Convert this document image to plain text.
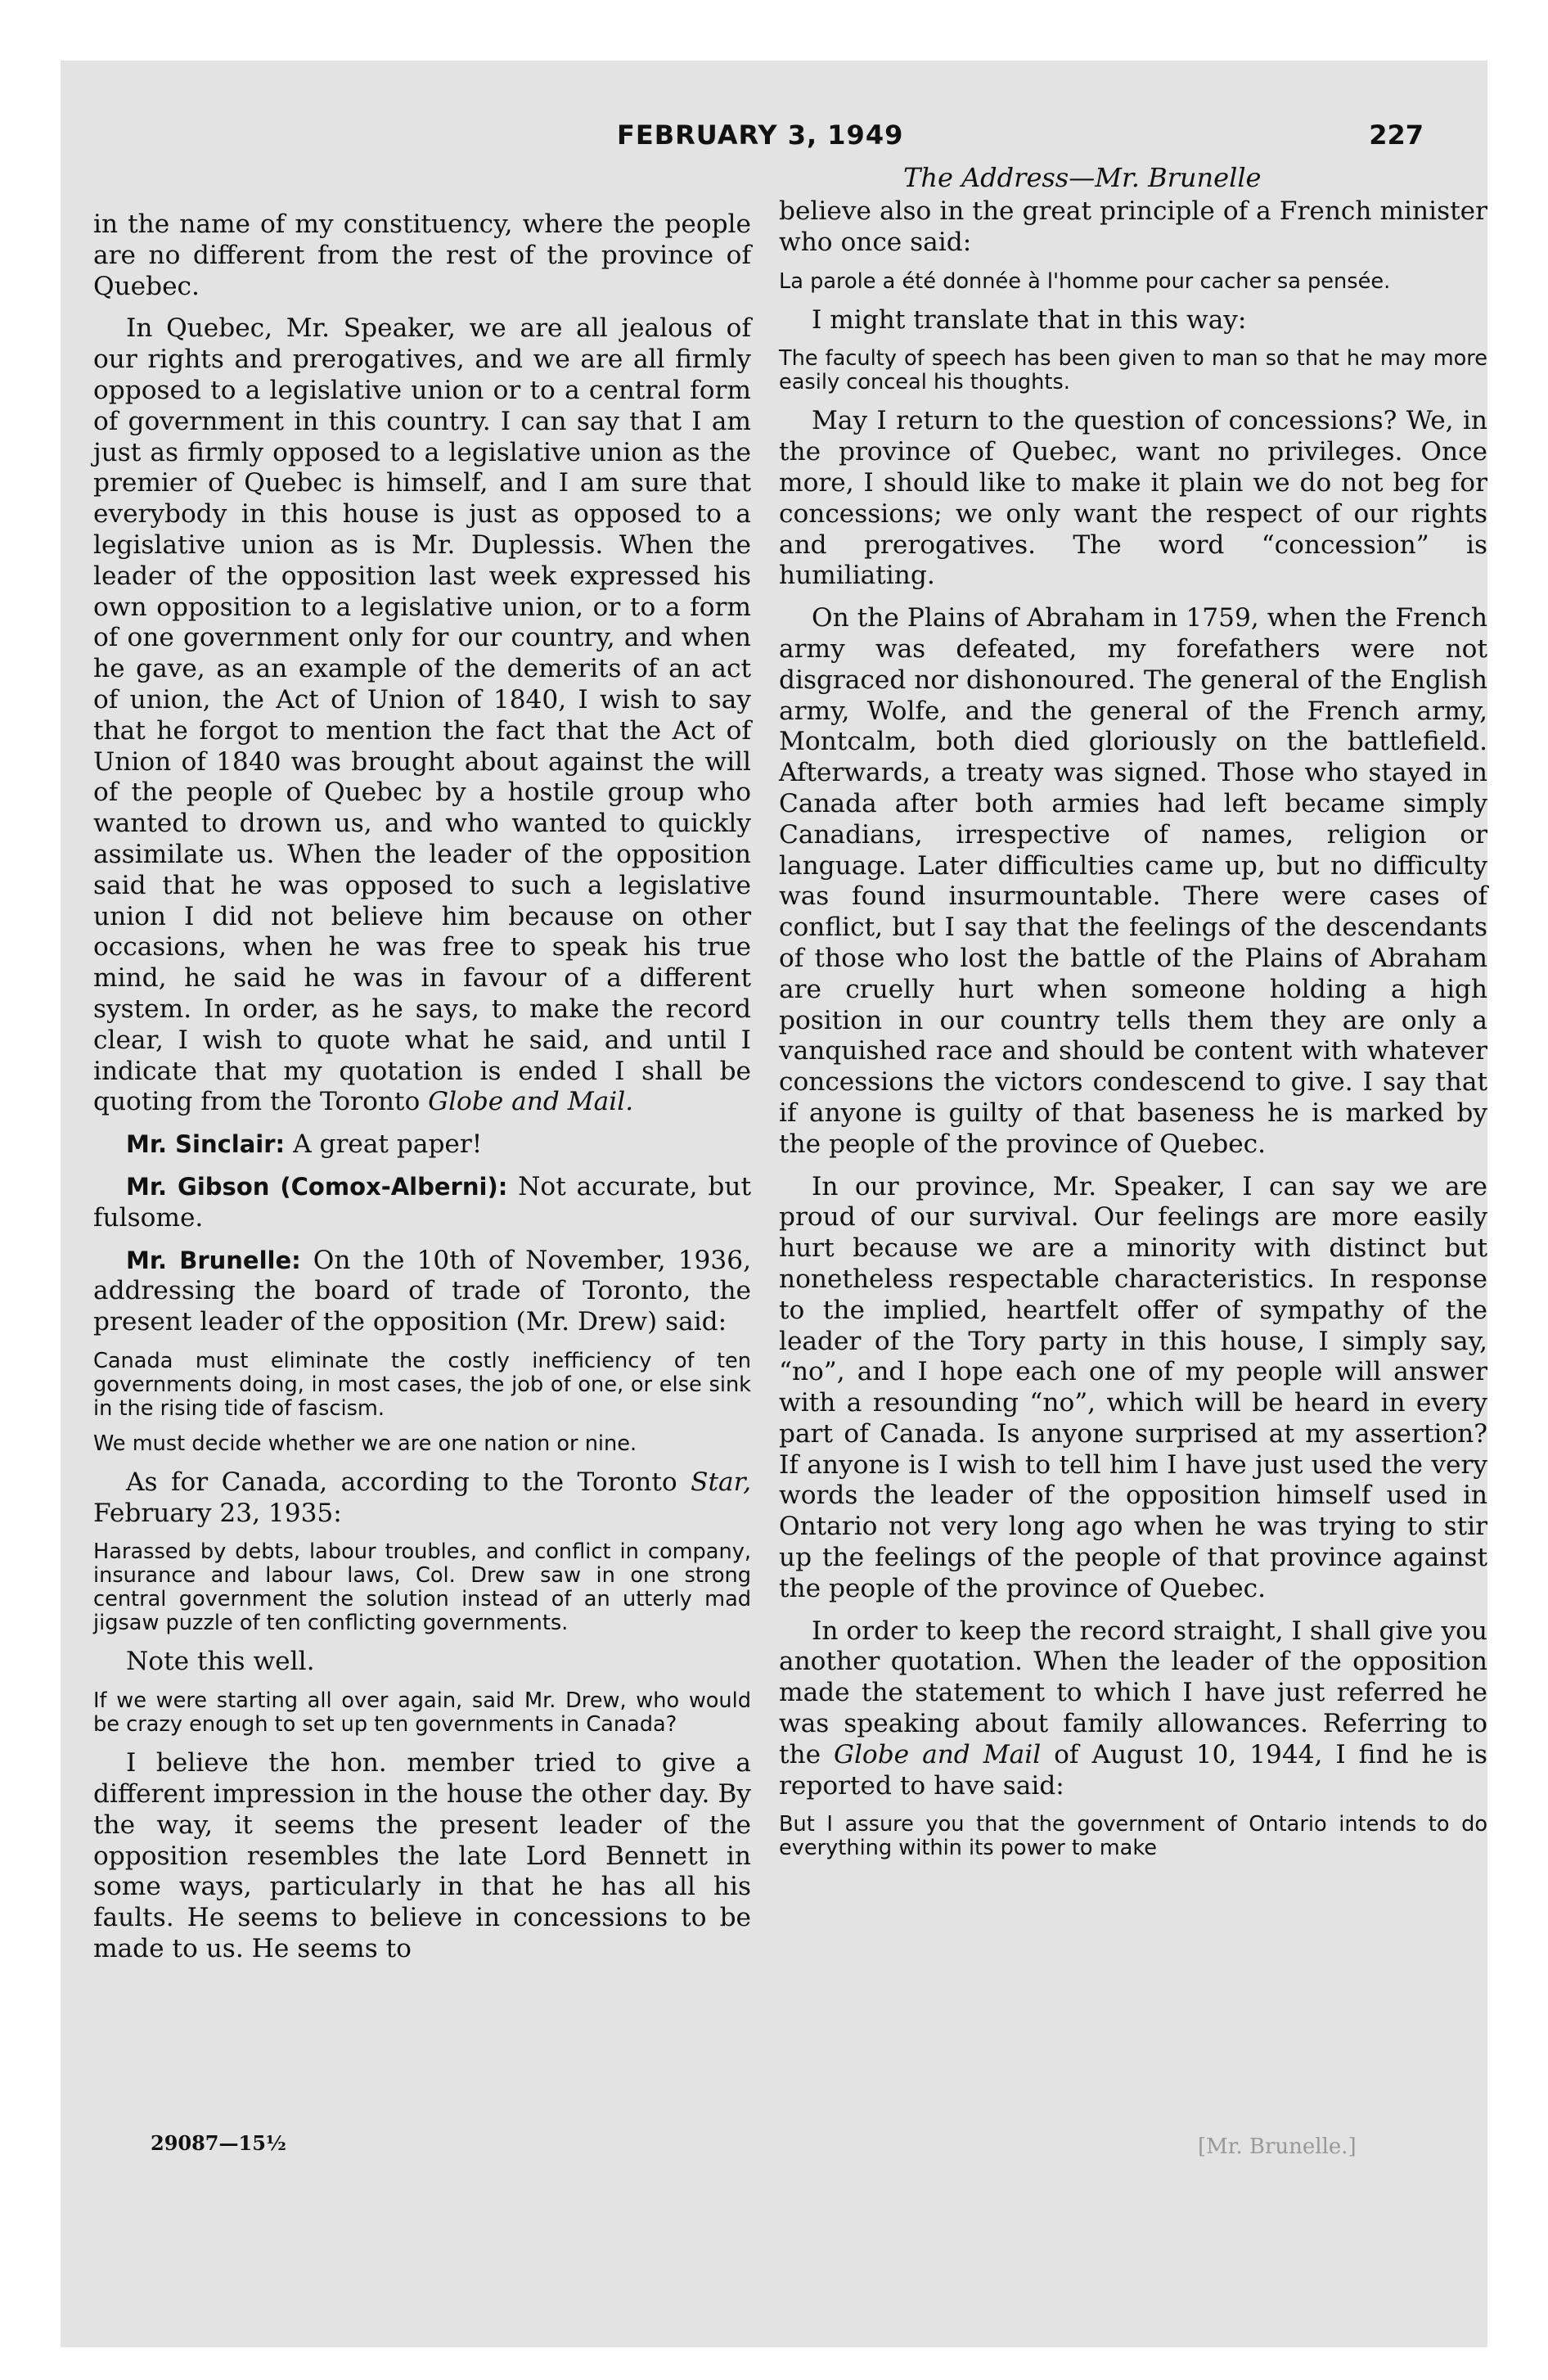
FEBRUARY 3, 1949	227
The Address—Mr. Brunelle

in the name of my constituency, where the people are no different from the rest of the province of Quebec.

In Quebec, Mr. Speaker, we are all jealous of our rights and prerogatives, and we are all firmly opposed to a legislative union or to a central form of government in this country. I can say that I am just as firmly opposed to a legislative union as the premier of Quebec is himself, and I am sure that everybody in this house is just as opposed to a legislative union as is Mr. Duplessis. When the leader of the opposition last week expressed his own opposition to a legislative union, or to a form of one government only for our country, and when he gave, as an example of the demerits of an act of union, the Act of Union of 1840, I wish to say that he forgot to mention the fact that the Act of Union of 1840 was brought about against the will of the people of Quebec by a hostile group who wanted to drown us, and who wanted to quickly assimilate us. When the leader of the opposition said that he was opposed to such a legislative union I did not believe him because on other occasions, when he was free to speak his true mind, he said he was in favour of a different system. In order, as he says, to make the record clear, I wish to quote what he said, and until I indicate that my quotation is ended I shall be quoting from the Toronto Globe and Mail.

Mr. Sinclair: A great paper!

Mr. Gibson (Comox-Alberni): Not accurate, but fulsome.

Mr. Brunelle: On the 10th of November, 1936, addressing the board of trade of Toronto, the present leader of the opposition (Mr. Drew) said:

Canada must eliminate the costly inefficiency of ten governments doing, in most cases, the job of one, or else sink in the rising tide of fascism.

We must decide whether we are one nation or nine.

As for Canada, according to the Toronto Star, February 23, 1935:

Harassed by debts, labour troubles, and conflict in company, insurance and labour laws, Col. Drew saw in one strong central government the solution instead of an utterly mad jigsaw puzzle of ten conflicting governments.

Note this well.

If we were starting all over again, said Mr. Drew, who would be crazy enough to set up ten governments in Canada?

I believe the hon. member tried to give a different impression in the house the other day. By the way, it seems the present leader of the opposition resembles the late Lord Bennett in some ways, particularly in that he has all his faults. He seems to believe in concessions to be made to us. He seems to

believe also in the great principle of a French minister who once said:

La parole a été donnée à l'homme pour cacher sa pensée.

I might translate that in this way:

The faculty of speech has been given to man so that he may more easily conceal his thoughts.

May I return to the question of concessions? We, in the province of Quebec, want no privileges. Once more, I should like to make it plain we do not beg for concessions; we only want the respect of our rights and prerogatives. The word “concession” is humiliating.

On the Plains of Abraham in 1759, when the French army was defeated, my forefathers were not disgraced nor dishonoured. The general of the English army, Wolfe, and the general of the French army, Montcalm, both died gloriously on the battlefield. Afterwards, a treaty was signed. Those who stayed in Canada after both armies had left became simply Canadians, irrespective of names, religion or language. Later difficulties came up, but no difficulty was found insurmountable. There were cases of conflict, but I say that the feelings of the descendants of those who lost the battle of the Plains of Abraham are cruelly hurt when someone holding a high position in our country tells them they are only a vanquished race and should be content with whatever concessions the victors condescend to give. I say that if anyone is guilty of that baseness he is marked by the people of the province of Quebec.

In our province, Mr. Speaker, I can say we are proud of our survival. Our feelings are more easily hurt because we are a minority with distinct but nonetheless respectable characteristics. In response to the implied, heartfelt offer of sympathy of the leader of the Tory party in this house, I simply say, “no”, and I hope each one of my people will answer with a resounding “no”, which will be heard in every part of Canada. Is anyone surprised at my assertion? If anyone is I wish to tell him I have just used the very words the leader of the opposition himself used in Ontario not very long ago when he was trying to stir up the feelings of the people of that province against the people of the province of Quebec.

In order to keep the record straight, I shall give you another quotation. When the leader of the opposition made the statement to which I have just referred he was speaking about family allowances. Referring to the Globe and Mail of August 10, 1944, I find he is reported to have said:

But I assure you that the government of Ontario intends to do everything within its power to make

29087—15½	[Mr. Brunelle.]
